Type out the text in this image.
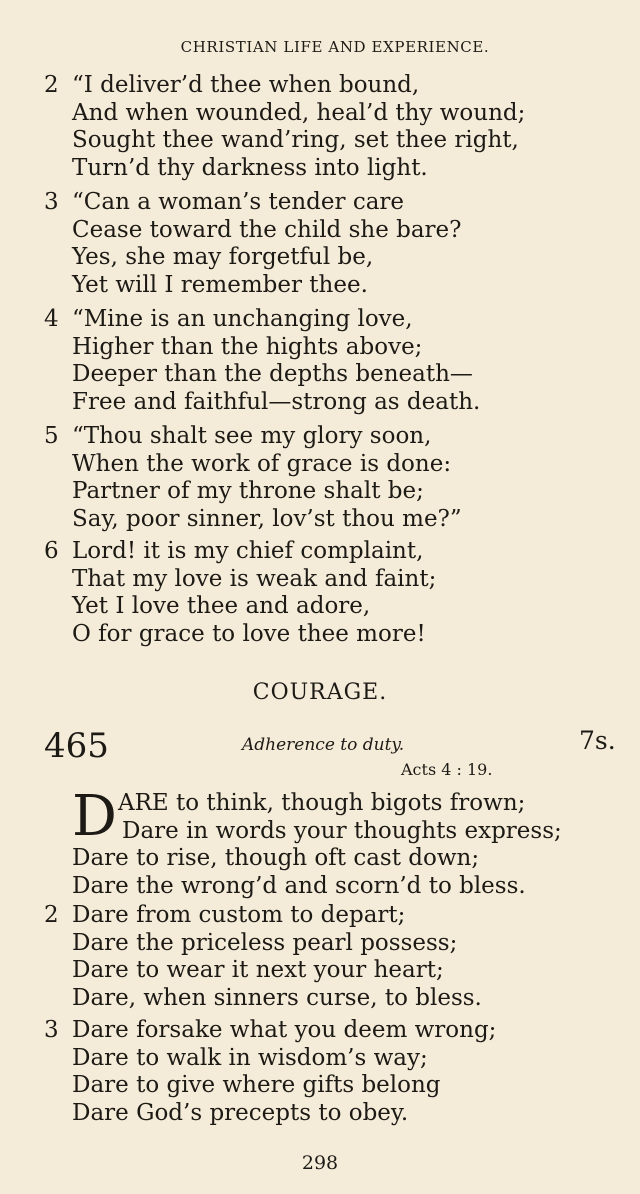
CHRISTIAN LIFE AND EXPERIENCE.
2 “I deliver’d thee when bound,
And when wounded, heal’d thy wound;
Sought thee wand’ring, set thee right,
Turn’d thy darkness into light.
3 “Can a woman’s tender care
Cease toward the child she bare?
Yes, she may forgetful be,
Yet will I remember thee.
4 “Mine is an unchanging love,
Higher than the hights above;
Deeper than the depths beneath—
Free and faithful—strong as death.
5 “Thou shalt see my glory soon,
When the work of grace is done:
Partner of my throne shalt be;
Say, poor sinner, lov’st thou me?”
6 Lord! it is my chief complaint,
That my love is weak and faint;
Yet I love thee and adore,
O for grace to love thee more!
COURAGE.
465	Adherence to duty.	7s.
Acts 4 : 19.
D ARE to think, though bigots frown;
Dare in words your thoughts express;
Dare to rise, though oft cast down;
Dare the wrong’d and scorn’d to bless.
2 Dare from custom to depart;
Dare the priceless pearl possess;
Dare to wear it next your heart;
Dare, when sinners curse, to bless.
3 Dare forsake what you deem wrong;
Dare to walk in wisdom’s way;
Dare to give where gifts belong
Dare God’s precepts to obey.
298
